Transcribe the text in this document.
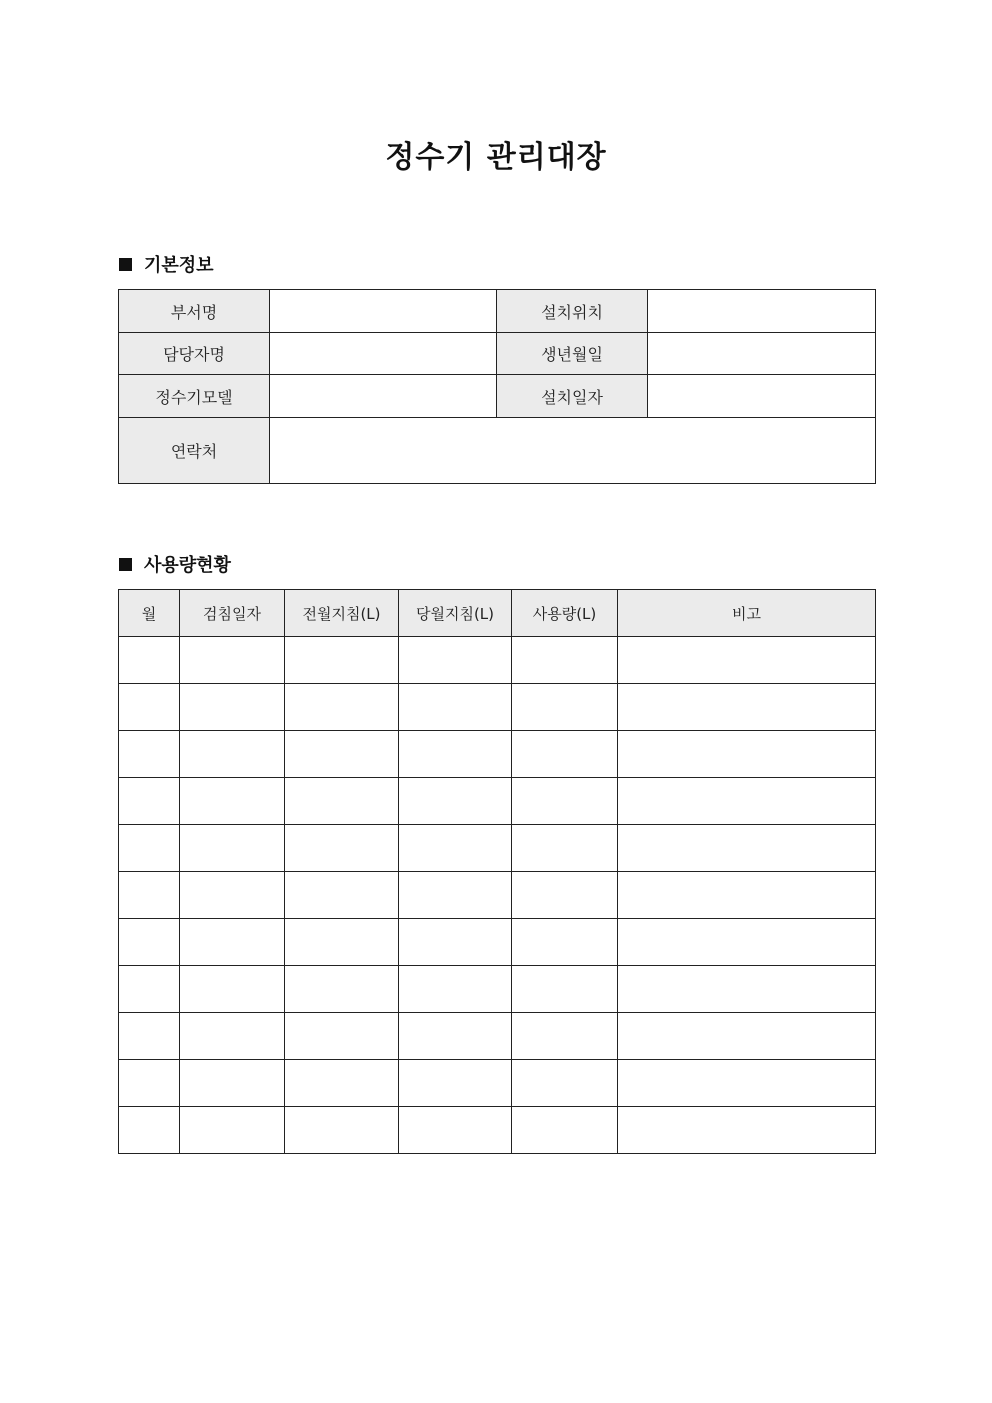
정수기 관리대장
기본정보
부서명		설치위치	
담당자명		생년월일	
정수기모델		설치일자	
연락처			
사용량현황
월	검침일자	전월지침(L)	당월지침(L)	사용량(L)	비고
